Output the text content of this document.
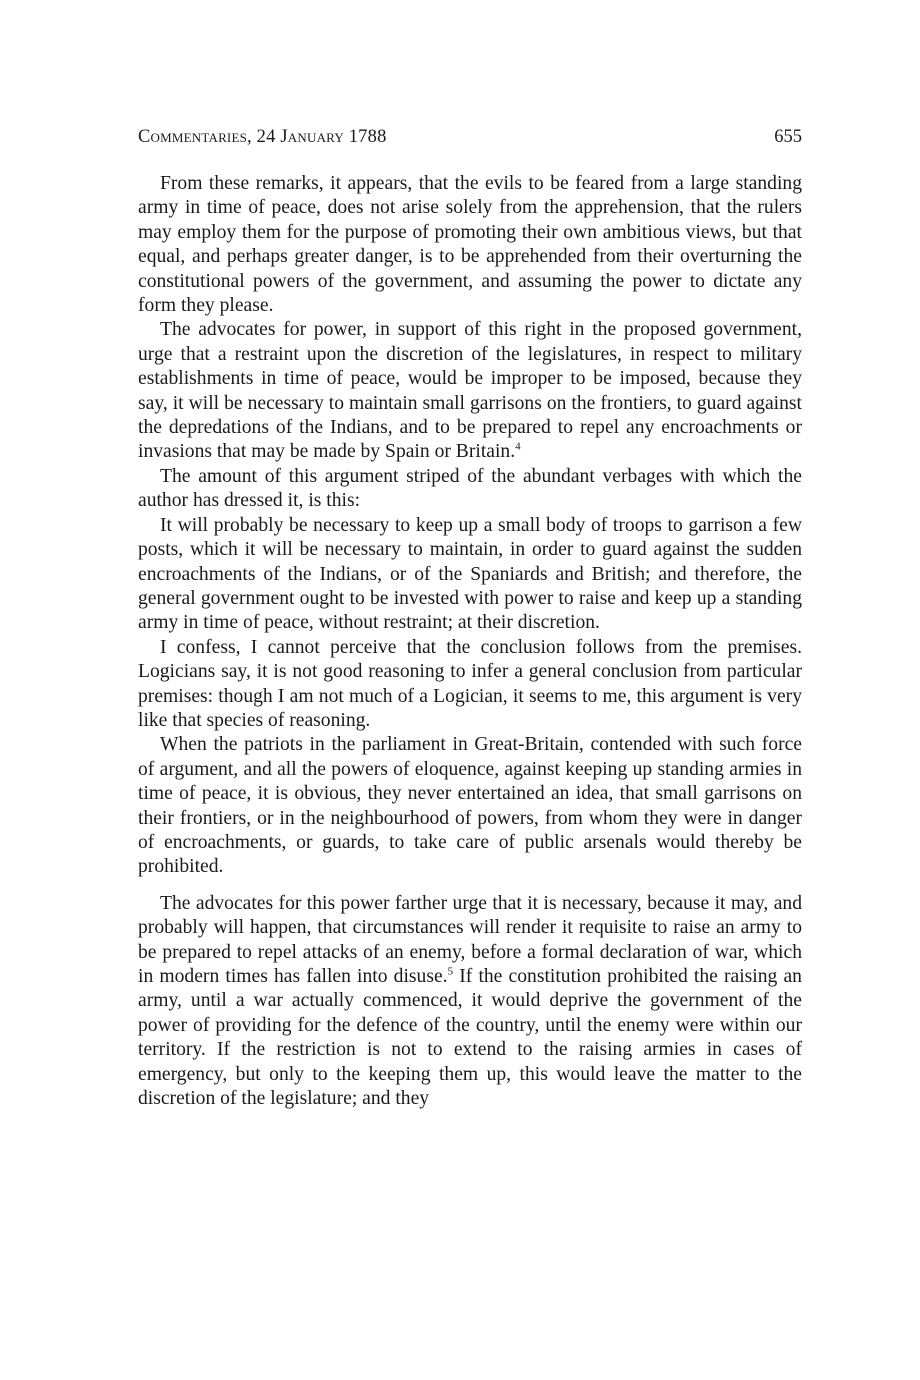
Commentaries, 24 January 1788	655

From these remarks, it appears, that the evils to be feared from a large standing army in time of peace, does not arise solely from the apprehension, that the rulers may employ them for the purpose of promoting their own ambitious views, but that equal, and perhaps greater danger, is to be apprehended from their overturning the constitutional powers of the government, and assuming the power to dictate any form they please.

The advocates for power, in support of this right in the proposed government, urge that a restraint upon the discretion of the legislatures, in respect to military establishments in time of peace, would be improper to be imposed, because they say, it will be necessary to maintain small garrisons on the frontiers, to guard against the depredations of the Indians, and to be prepared to repel any encroachments or invasions that may be made by Spain or Britain.$^4$

The amount of this argument striped of the abundant verbages with which the author has dressed it, is this:

It will probably be necessary to keep up a small body of troops to garrison a few posts, which it will be necessary to maintain, in order to guard against the sudden encroachments of the Indians, or of the Spaniards and British; and therefore, the general government ought to be invested with power to raise and keep up a standing army in time of peace, without restraint; at their discretion.

I confess, I cannot perceive that the conclusion follows from the premises. Logicians say, it is not good reasoning to infer a general conclusion from particular premises: though I am not much of a Logician, it seems to me, this argument is very like that species of reasoning.

When the patriots in the parliament in Great-Britain, contended with such force of argument, and all the powers of eloquence, against keeping up standing armies in time of peace, it is obvious, they never entertained an idea, that small garrisons on their frontiers, or in the neighbourhood of powers, from whom they were in danger of encroachments, or guards, to take care of public arsenals would thereby be prohibited.

The advocates for this power farther urge that it is necessary, because it may, and probably will happen, that circumstances will render it requisite to raise an army to be prepared to repel attacks of an enemy, before a formal declaration of war, which in modern times has fallen into disuse.$^5$ If the constitution prohibited the raising an army, until a war actually commenced, it would deprive the government of the power of providing for the defence of the country, until the enemy were within our territory. If the restriction is not to extend to the raising armies in cases of emergency, but only to the keeping them up, this would leave the matter to the discretion of the legislature; and they
